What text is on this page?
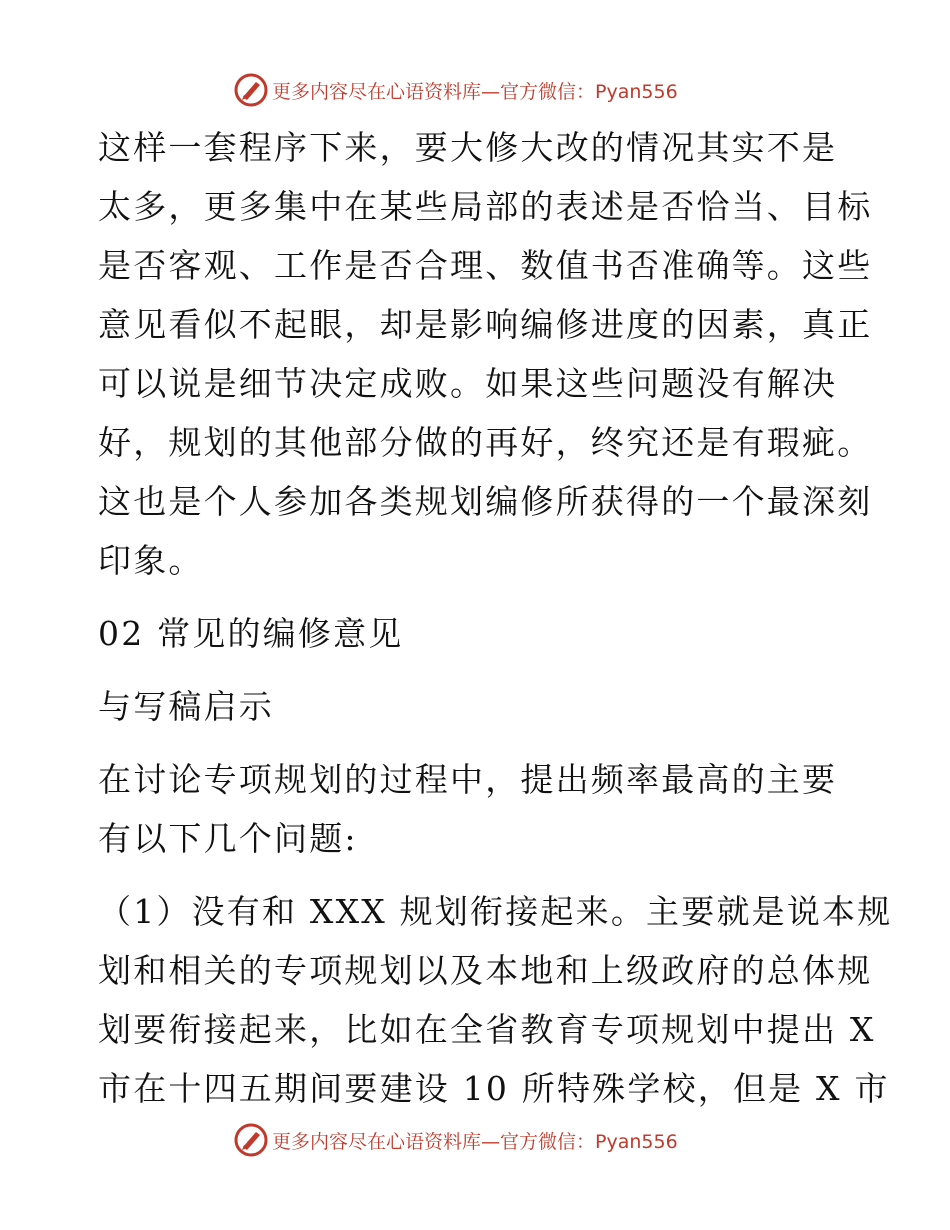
更多内容尽在心语资料库—官方微信：Pyan556

这样一套程序下来，要大修大改的情况其实不是

太多，更多集中在某些局部的表述是否恰当、目标

是否客观、工作是否合理、数值书否准确等。这些

意见看似不起眼，却是影响编修进度的因素，真正

可以说是细节决定成败。如果这些问题没有解决

好，规划的其他部分做的再好，终究还是有瑕疵。

这也是个人参加各类规划编修所获得的一个最深刻

印象。

02 常见的编修意见

与写稿启示

在讨论专项规划的过程中，提出频率最高的主要

有以下几个问题:

（1）没有和 XXX 规划衔接起来。主要就是说本规

划和相关的专项规划以及本地和上级政府的总体规

划要衔接起来，比如在全省教育专项规划中提出 X

市在十四五期间要建设 10 所特殊学校，但是 X 市

更多内容尽在心语资料库—官方微信：Pyan556
